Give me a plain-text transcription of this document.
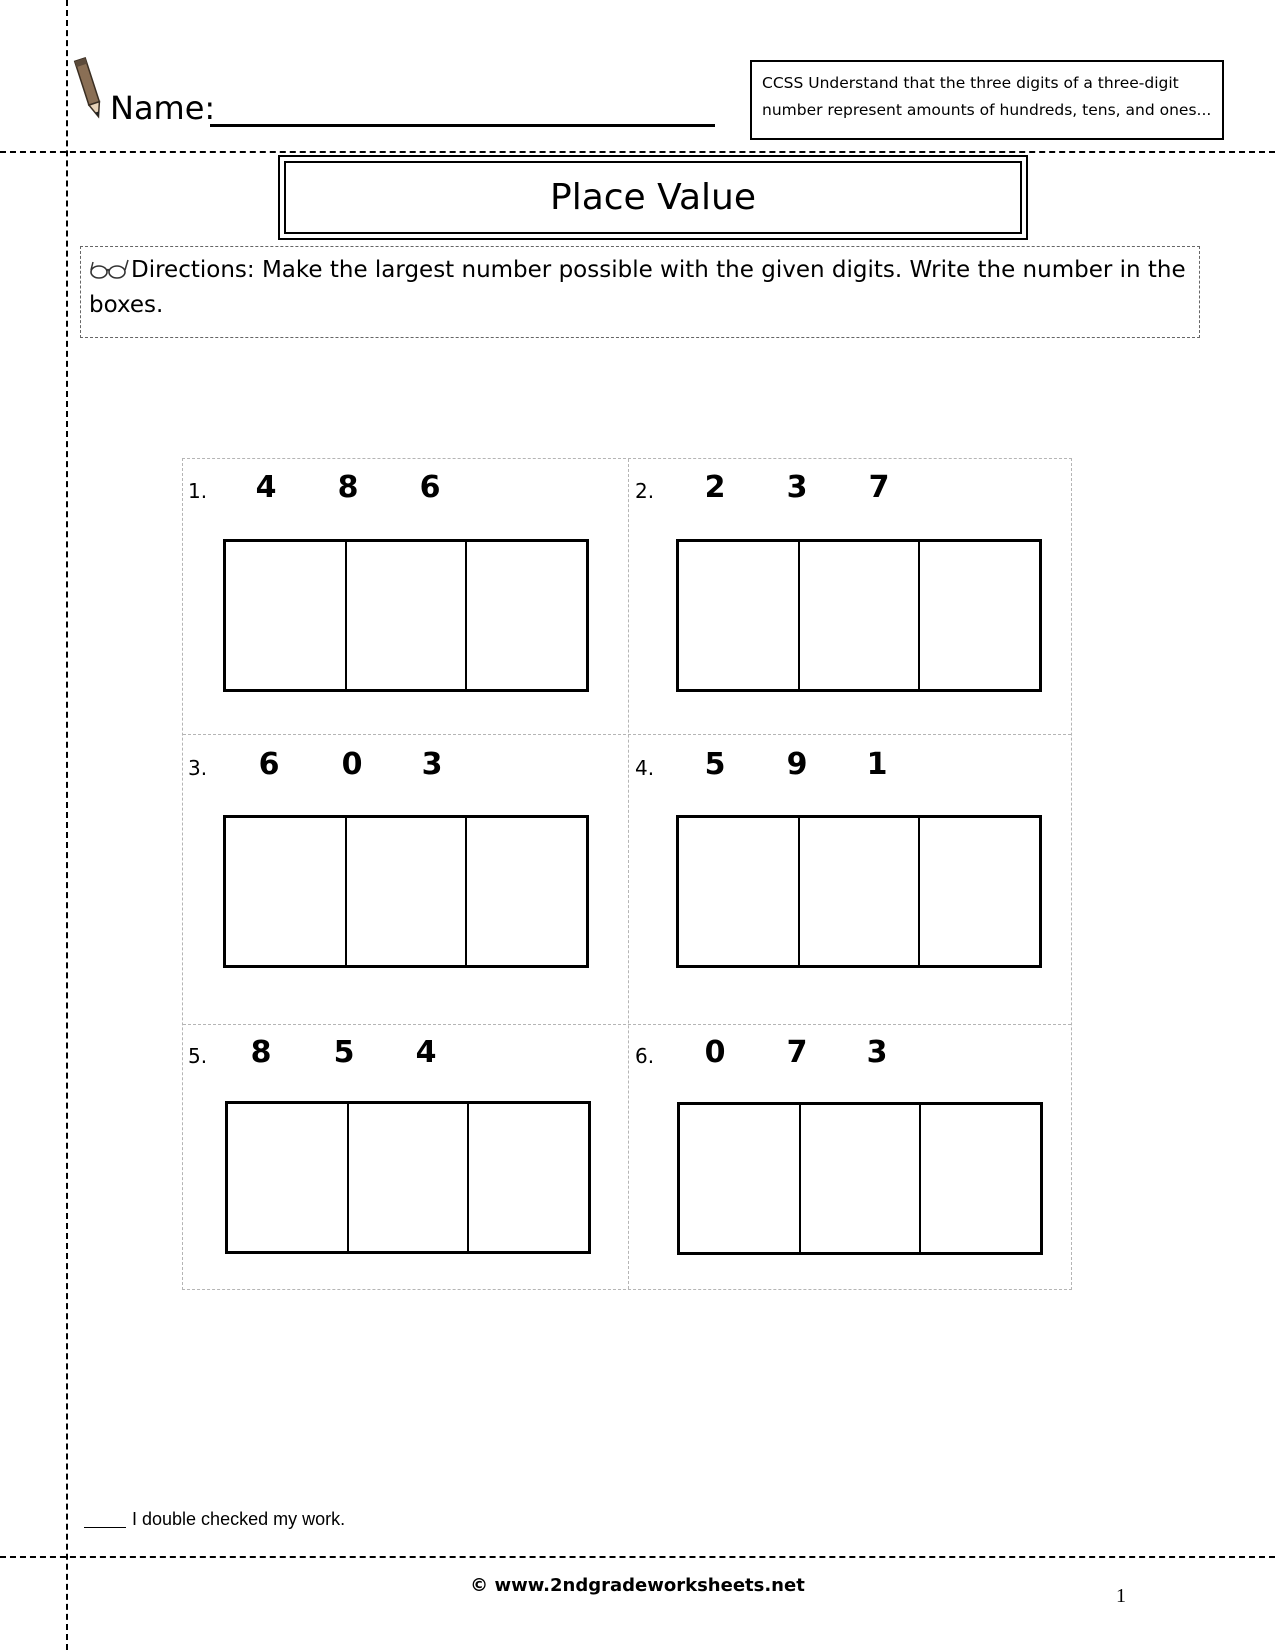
Name:
CCSS Understand that the three digits of a three-digit number represent amounts of hundreds, tens, and ones...
Place Value
Directions: Make the largest number possible with the given digits. Write the number in the boxes.
1.	4	8	6	2.	2	3	7
3.	6	0	3	4.	5	9	1
5.	8	5	4	6.	0	7	3
I double checked my work.
© www.2ndgradeworksheets.net	1
